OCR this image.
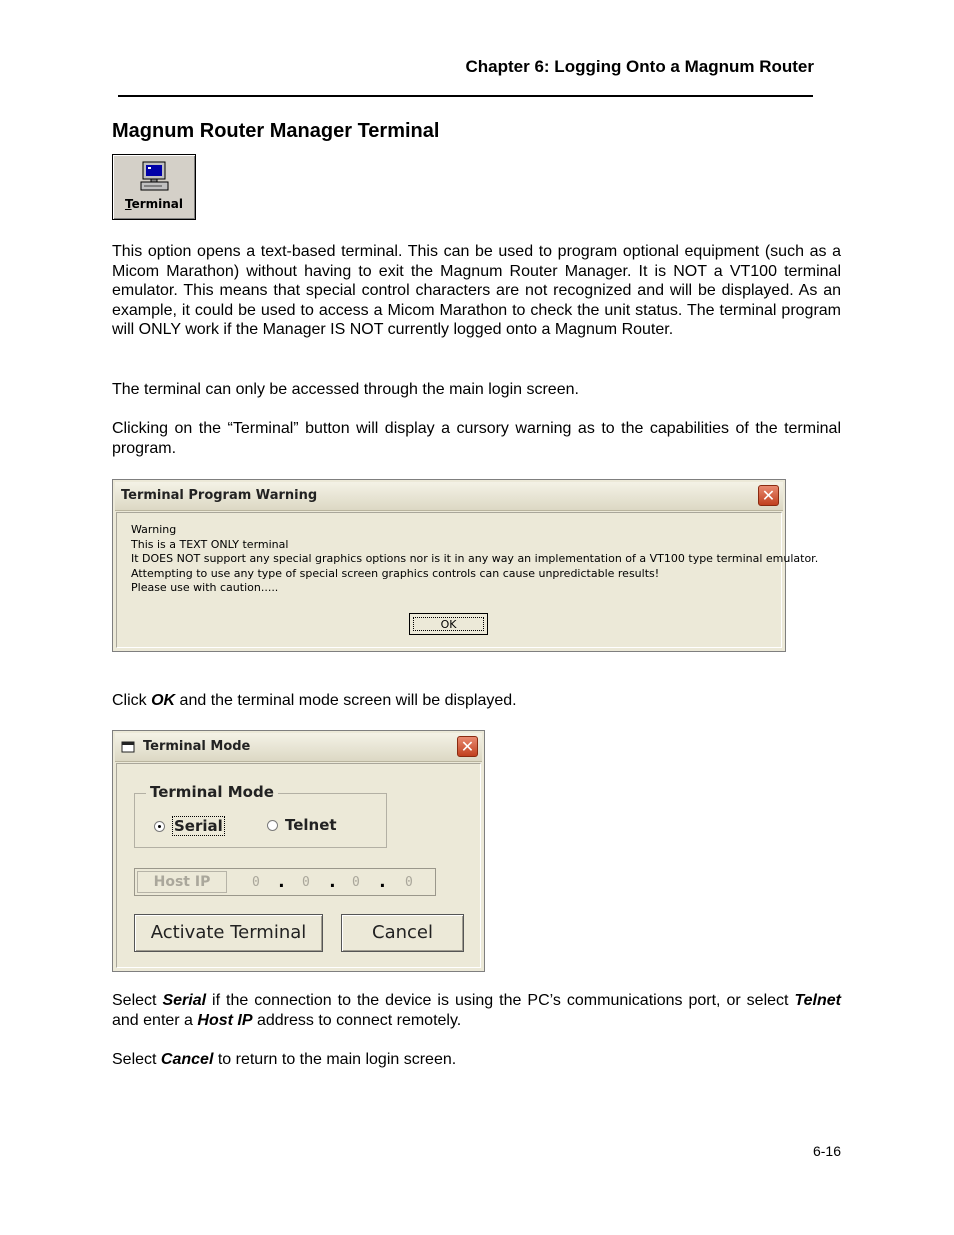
Chapter 6: Logging Onto a Magnum Router
Magnum Router Manager Terminal
Terminal
This option opens a text-based terminal. This can be used to program optional equipment (such as a Micom Marathon) without having to exit the Magnum Router Manager. It is NOT a VT100 terminal emulator. This means that special control characters are not recognized and will be displayed. As an example, it could be used to access a Micom Marathon to check the unit status. The terminal program will ONLY work if the Manager IS NOT currently logged onto a Magnum Router.
The terminal can only be accessed through the main login screen.
Clicking on the “Terminal” button will display a cursory warning as to the capabilities of the terminal program.
Terminal Program Warning	✕
Warning
This is a TEXT ONLY terminal
It DOES NOT support any special graphics options nor is it in any way an implementation of a VT100 type terminal emulator.
Attempting to use any type of special screen graphics controls can cause unpredictable results!
Please use with caution.....
OK
Click OK and the terminal mode screen will be displayed.
Terminal Mode	✕
Terminal Mode
Serial	Telnet
Host IP	0 . 0 . 0 . 0
Activate Terminal	Cancel
Select Serial if the connection to the device is using the PC’s communications port, or select Telnet and enter a Host IP address to connect remotely.
Select Cancel to return to the main login screen.
6-16
